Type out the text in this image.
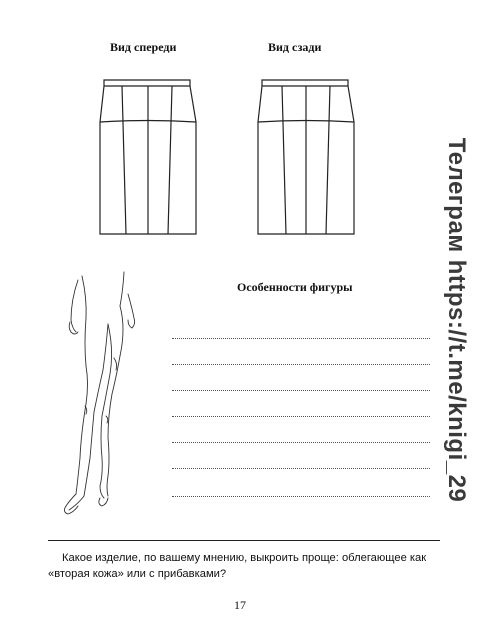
Вид спереди	Вид сзади
Особенности фигуры
Какое изделие, по вашему мнению, выкроить проще: облегающее как «вторая кожа» или с прибавками?
17
Телеграм https://t.me/knigi_29
